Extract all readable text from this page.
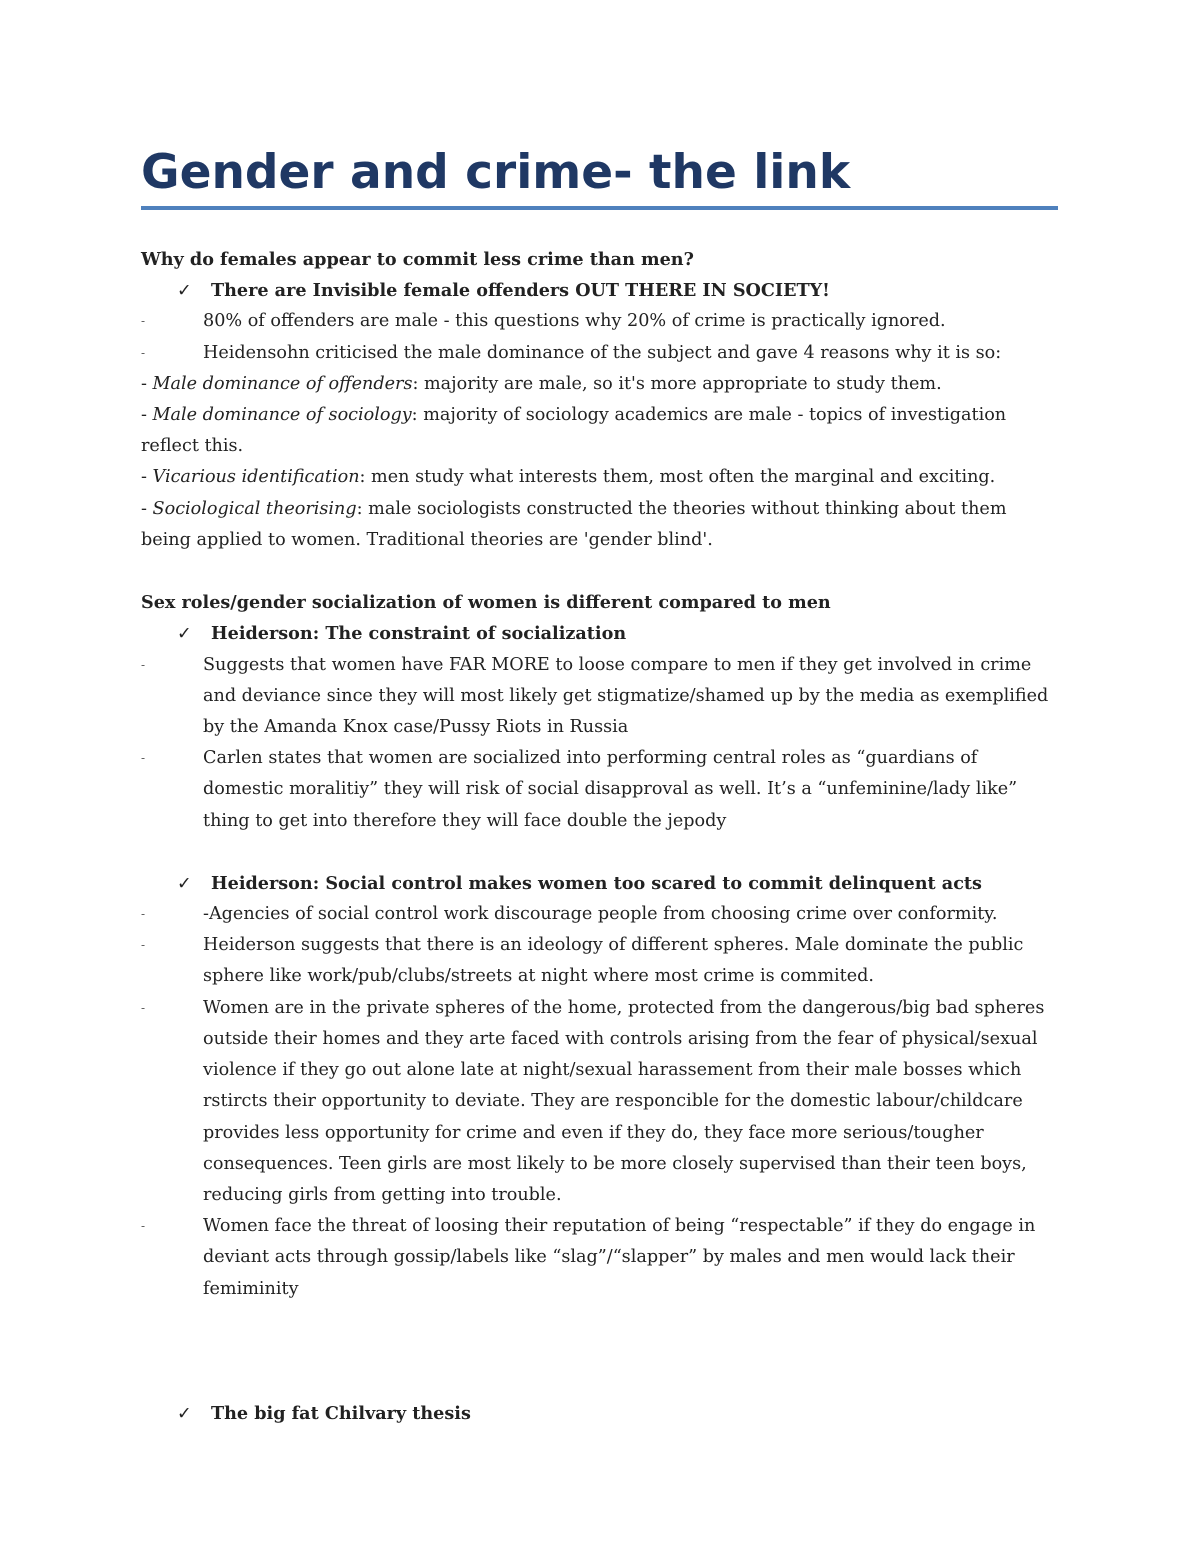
Gender and crime- the link
Why do females appear to commit less crime than men?
✓ There are Invisible female offenders OUT THERE IN SOCIETY!
-	80% of offenders are male - this questions why 20% of crime is practically ignored.
-	Heidensohn criticised the male dominance of the subject and gave 4 reasons why it is so:
- Male dominance of offenders: majority are male, so it's more appropriate to study them.
- Male dominance of sociology: majority of sociology academics are male - topics of investigation reflect this.
- Vicarious identification: men study what interests them, most often the marginal and exciting.
- Sociological theorising: male sociologists constructed the theories without thinking about them being applied to women. Traditional theories are 'gender blind'.
Sex roles/gender socialization of women is different compared to men
✓ Heiderson: The constraint of socialization
-	Suggests that women have FAR MORE to loose compare to men if they get involved in crime and deviance since they will most likely get stigmatize/shamed up by the media as exemplified by the Amanda Knox case/Pussy Riots in Russia
-	Carlen states that women are socialized into performing central roles as “guardians of domestic moralitiy” they will risk of social disapproval as well. It’s a “unfeminine/lady like” thing to get into therefore they will face double the jepody
✓ Heiderson: Social control makes women too scared to commit delinquent acts
-	-Agencies of social control work discourage people from choosing crime over conformity.
-	Heiderson suggests that there is an ideology of different spheres. Male dominate the public sphere like work/pub/clubs/streets at night where most crime is commited.
-	Women are in the private spheres of the home, protected from the dangerous/big bad spheres outside their homes and they arte faced with controls arising from the fear of physical/sexual violence if they go out alone late at night/sexual harassement from their male bosses which rstircts their opportunity to deviate. They are responcible for the domestic labour/childcare provides less opportunity for crime and even if they do, they face more serious/tougher consequences. Teen girls are most likely to be more closely supervised than their teen boys, reducing girls from getting into trouble.
-	Women face the threat of loosing their reputation of being “respectable” if they do engage in deviant acts through gossip/labels like “slag”/“slapper” by males and men would lack their femiminity
✓ The big fat Chilvary thesis
